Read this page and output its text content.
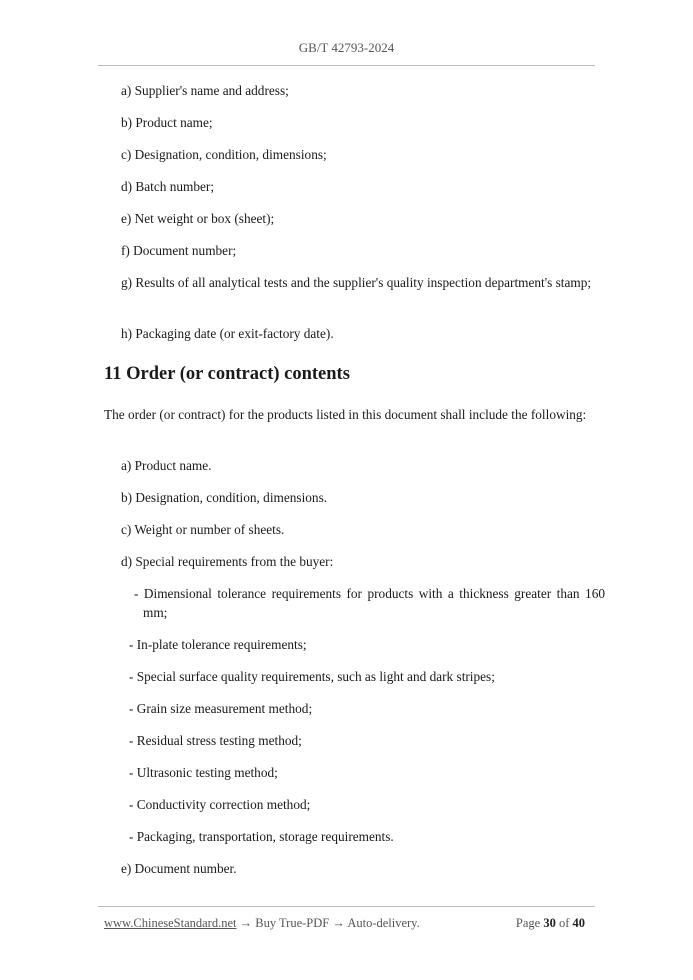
GB/T 42793-2024

a) Supplier's name and address;

b) Product name;

c) Designation, condition, dimensions;

d) Batch number;

e) Net weight or box (sheet);

f) Document number;

g) Results of all analytical tests and the supplier's quality inspection department's stamp;

h) Packaging date (or exit-factory date).

11 Order (or contract) contents

The order (or contract) for the products listed in this document shall include the following:

a) Product name.

b) Designation, condition, dimensions.

c) Weight or number of sheets.

d) Special requirements from the buyer:

- Dimensional tolerance requirements for products with a thickness greater than 160 mm;

- In-plate tolerance requirements;

- Special surface quality requirements, such as light and dark stripes;

- Grain size measurement method;

- Residual stress testing method;

- Ultrasonic testing method;

- Conductivity correction method;

- Packaging, transportation, storage requirements.

e) Document number.

www.ChineseStandard.net → Buy True-PDF → Auto-delivery.	Page 30 of 40
